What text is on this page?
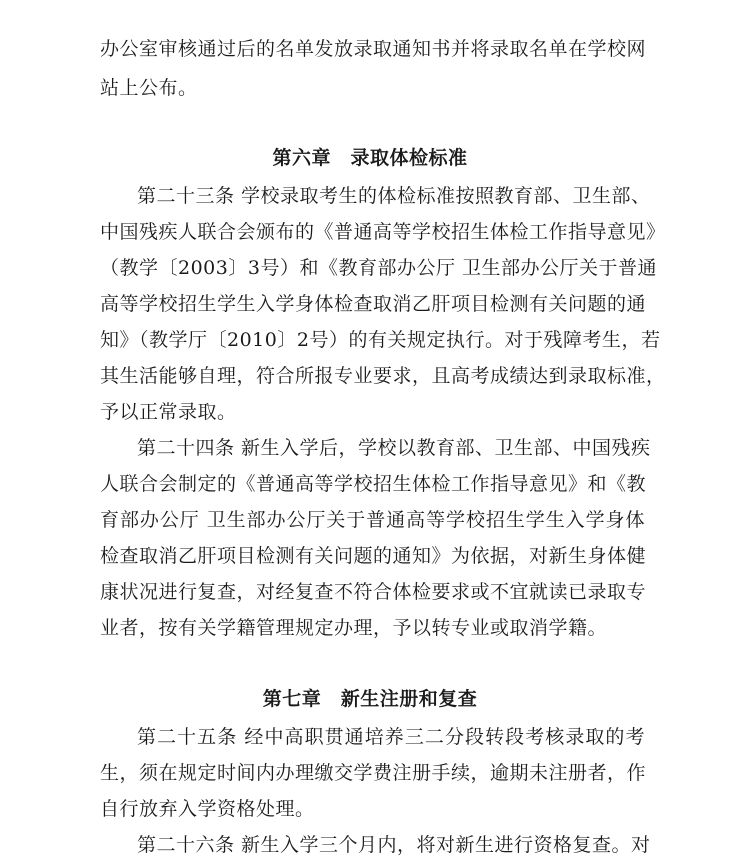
办公室审核通过后的名单发放录取通知书并将录取名单在学校网
站上公布。
第六章　录取体检标准
第二十三条 学校录取考生的体检标准按照教育部、卫生部、
中国残疾人联合会颁布的《普通高等学校招生体检工作指导意见》
（教学〔2003〕3号）和《教育部办公厅 卫生部办公厅关于普通
高等学校招生学生入学身体检查取消乙肝项目检测有关问题的通
知》（教学厅〔2010〕2号）的有关规定执行。对于残障考生，若
其生活能够自理，符合所报专业要求，且高考成绩达到录取标准，
予以正常录取。
第二十四条 新生入学后，学校以教育部、卫生部、中国残疾
人联合会制定的《普通高等学校招生体检工作指导意见》和《教
育部办公厅 卫生部办公厅关于普通高等学校招生学生入学身体
检查取消乙肝项目检测有关问题的通知》为依据，对新生身体健
康状况进行复查，对经复查不符合体检要求或不宜就读已录取专
业者，按有关学籍管理规定办理，予以转专业或取消学籍。
第七章　新生注册和复查
第二十五条 经中高职贯通培养三二分段转段考核录取的考
生，须在规定时间内办理缴交学费注册手续，逾期未注册者，作
自行放弃入学资格处理。
第二十六条 新生入学三个月内，将对新生进行资格复查。对
